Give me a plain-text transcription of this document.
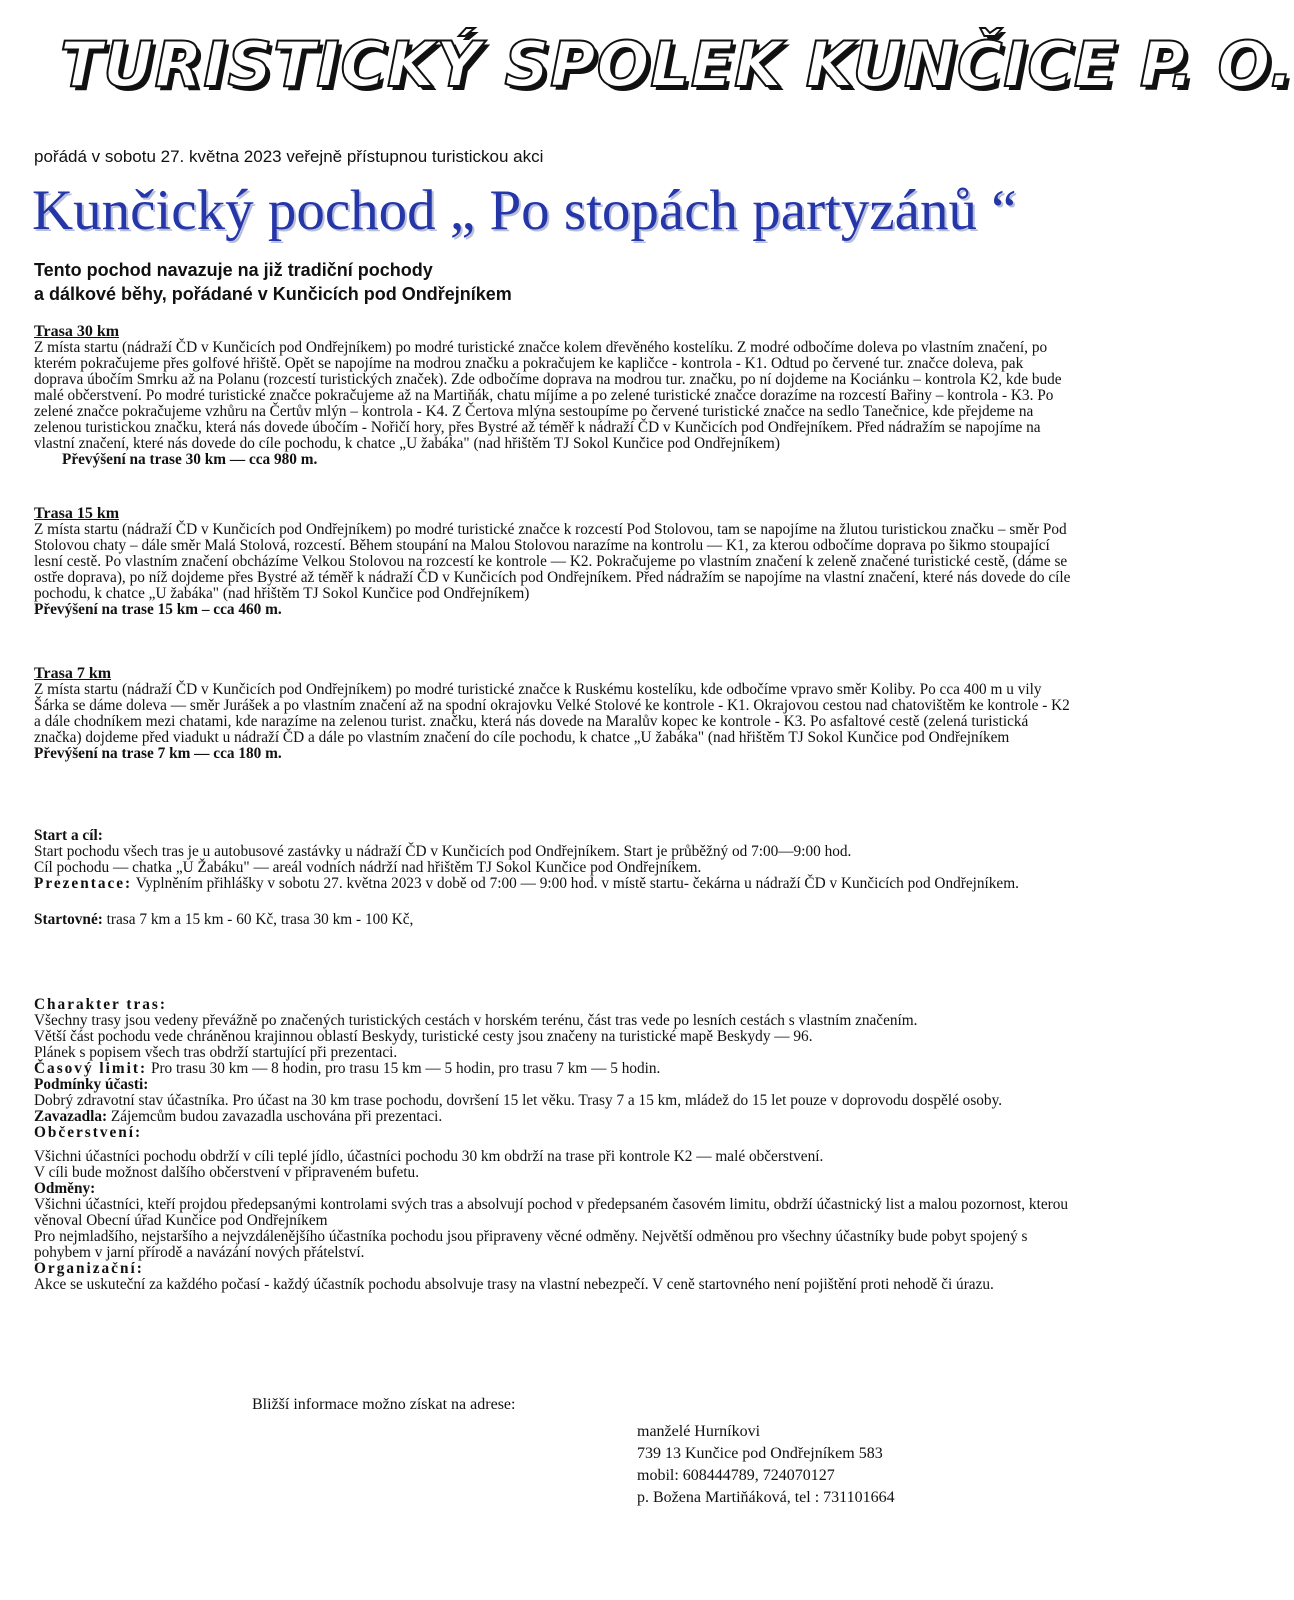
TURISTICKÝ SPOLEK KUNČICE P. O.
pořádá v sobotu 27. května 2023 veřejně přístupnou turistickou akci
Kunčický pochod „ Po stopách partyzánů “
Tento pochod navazuje na již tradiční pochody
a dálkové běhy, pořádané v Kunčicích pod Ondřejníkem

Trasa 30 km

Z místa startu (nádraží ČD v Kunčicích pod Ondřejníkem) po modré turistické značce kolem dřevěného kostelíku. Z modré odbočíme doleva po vlastním značení, po kterém pokračujeme přes golfové hřiště. Opět se napojíme na modrou značku a pokračujem ke kapličce - kontrola - K1. Odtud po červené tur. značce doleva, pak doprava úbočím Smrku až na Polanu (rozcestí turistických značek). Zde odbočíme doprava na modrou tur. značku, po ní dojdeme na Kociánku – kontrola K2, kde bude malé občerstvení. Po modré turistické značce pokračujeme až na Martiňák, chatu míjíme a po zelené turistické značce dorazíme na rozcestí Bařiny – kontrola - K3. Po zelené značce pokračujeme vzhůru na Čertův mlýn – kontrola - K4. Z Čertova mlýna sestoupíme po červené turistické značce na sedlo Tanečnice, kde přejdeme na zelenou turistickou značku, která nás dovede úbočím - Nořičí hory, přes Bystré až téměř k nádraží ČD v Kunčicích pod Ondřejníkem. Před nádražím se napojíme na vlastní značení, které nás dovede do cíle pochodu, k chatce „U žabáka" (nad hřištěm TJ Sokol Kunčice pod Ondřejníkem)

Převýšení na trase 30 km — cca 980 m.

Trasa 15 km

Z místa startu (nádraží ČD v Kunčicích pod Ondřejníkem) po modré turistické značce k rozcestí Pod Stolovou, tam se napojíme na žlutou turistickou značku – směr Pod Stolovou chaty – dále směr Malá Stolová, rozcestí. Během stoupání na Malou Stolovou narazíme na kontrolu — K1, za kterou odbočíme doprava po šikmo stoupající lesní cestě. Po vlastním značení obcházíme Velkou Stolovou na rozcestí ke kontrole — K2. Pokračujeme po vlastním značení k zeleně značené turistické cestě, (dáme se ostře doprava), po níž dojdeme přes Bystré až téměř k nádraží ČD v Kunčicích pod Ondřejníkem. Před nádražím se napojíme na vlastní značení, které nás dovede do cíle pochodu, k chatce „U žabáka" (nad hřištěm TJ Sokol Kunčice pod Ondřejníkem)

Převýšení na trase 15 km – cca 460 m.

Trasa 7 km

Z místa startu (nádraží ČD v Kunčicích pod Ondřejníkem) po modré turistické značce k Ruskému kostelíku, kde odbočíme vpravo směr Koliby. Po cca 400 m u vily Šárka se dáme doleva — směr Jurášek a po vlastním značení až na spodní okrajovku Velké Stolové ke kontrole - K1. Okrajovou cestou nad chatovištěm ke kontrole - K2 a dále chodníkem mezi chatami, kde narazíme na zelenou turist. značku, která nás dovede na Maralův kopec ke kontrole - K3. Po asfaltové cestě (zelená turistická značka) dojdeme před viadukt u nádraží ČD a dále po vlastním značení do cíle pochodu, k chatce „U žabáka" (nad hřištěm TJ Sokol Kunčice pod Ondřejníkem

Převýšení na trase 7 km — cca 180 m.

Start a cíl:

Start pochodu všech tras je u autobusové zastávky u nádraží ČD v Kunčicích pod Ondřejníkem. Start je průběžný od 7:00—9:00 hod.

Cíl pochodu — chatka „U Žabáku" — areál vodních nádrží nad hřištěm TJ Sokol Kunčice pod Ondřejníkem.

Prezentace: Vyplněním přihlášky v sobotu 27. května 2023 v době od 7:00 — 9:00 hod. v místě startu- čekárna u nádraží ČD v Kunčicích pod Ondřejníkem.

Startovné: trasa 7 km a 15 km - 60 Kč, trasa 30 km - 100 Kč,

Charakter tras:

Všechny trasy jsou vedeny převážně po značených turistických cestách v horském terénu, část tras vede po lesních cestách s vlastním značením.

Větší část pochodu vede chráněnou krajinnou oblastí Beskydy, turistické cesty jsou značeny na turistické mapě Beskydy — 96.

Plánek s popisem všech tras obdrží startující při prezentaci.

Časový limit: Pro trasu 30 km — 8 hodin, pro trasu 15 km — 5 hodin, pro trasu 7 km — 5 hodin.

Podmínky účasti:

Dobrý zdravotní stav účastníka. Pro účast na 30 km trase pochodu, dovršení 15 let věku. Trasy 7 a 15 km, mládež do 15 let pouze v doprovodu dospělé osoby.

Zavazadla: Zájemcům budou zavazadla uschována při prezentaci.

Občerstvení:

Všichni účastníci pochodu obdrží v cíli teplé jídlo, účastníci pochodu 30 km obdrží na trase při kontrole K2 — malé občerstvení.

V cíli bude možnost dalšího občerstvení v připraveném bufetu.

Odměny:

Všichni účastníci, kteří projdou předepsanými kontrolami svých tras a absolvují pochod v předepsaném časovém limitu, obdrží účastnický list a malou pozornost, kterou věnoval Obecní úřad Kunčice pod Ondřejníkem

Pro nejmladšího, nejstaršího a nejvzdálenějšího účastníka pochodu jsou připraveny věcné odměny. Největší odměnou pro všechny účastníky bude pobyt spojený s pohybem v jarní přírodě a navázání nových přátelství.

Organizační:

Akce se uskuteční za každého počasí - každý účastník pochodu absolvuje trasy na vlastní nebezpečí. V ceně startovného není pojištění proti nehodě či úrazu.

Bližší informace možno získat na adrese:
manželé Hurníkovi
739 13 Kunčice pod Ondřejníkem 583
mobil: 608444789, 724070127
p. Božena Martiňáková, tel : 731101664
